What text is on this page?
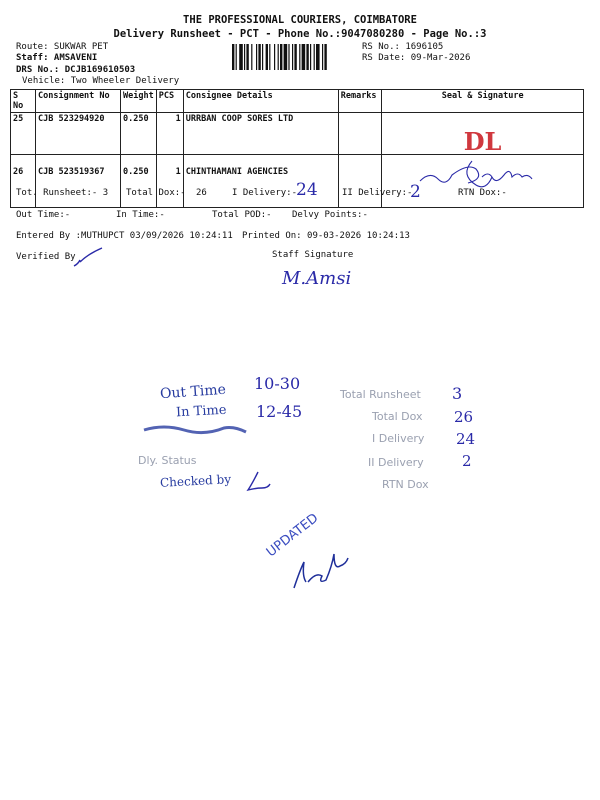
THE PROFESSIONAL COURIERS, COIMBATORE
Delivery Runsheet - PCT - Phone No.:9047080280 - Page No.:3
Route: SUKWAR PET
Staff: AMSAVENI
DRS No.: DCJB169610503
Vehicle: Two Wheeler Delivery
RS No.: 1696105
RS Date: 09-Mar-2026
S No	Consignment No	Weight	PCS	Consignee Details	Remarks	Seal & Signature
25	CJB 523294920	0.250	1	URRBAN COOP SORES LTD		DL

26	CJB 523519367	0.250	1	CHINTHAMANI AGENCIES		
Tot. Runsheet:- 3 Total Dox:- 26	I Delivery:-
24	II Delivery:-
2	RTN Dox:-
Out Time:-	In Time:-	Total POD:- Delvy Points:-
Entered By :MUTHUPCT 03/09/2026 10:24:11 Printed On: 09-03-2026 10:24:13
Verified By	Staff Signature
M.Amsi
Out Time 10-30
In Time 12-45
Dly. Status
Checked by
Total Runsheet 3
Total Dox 26
I Delivery 24
II Delivery	2
RTN Dox
UPDATED
